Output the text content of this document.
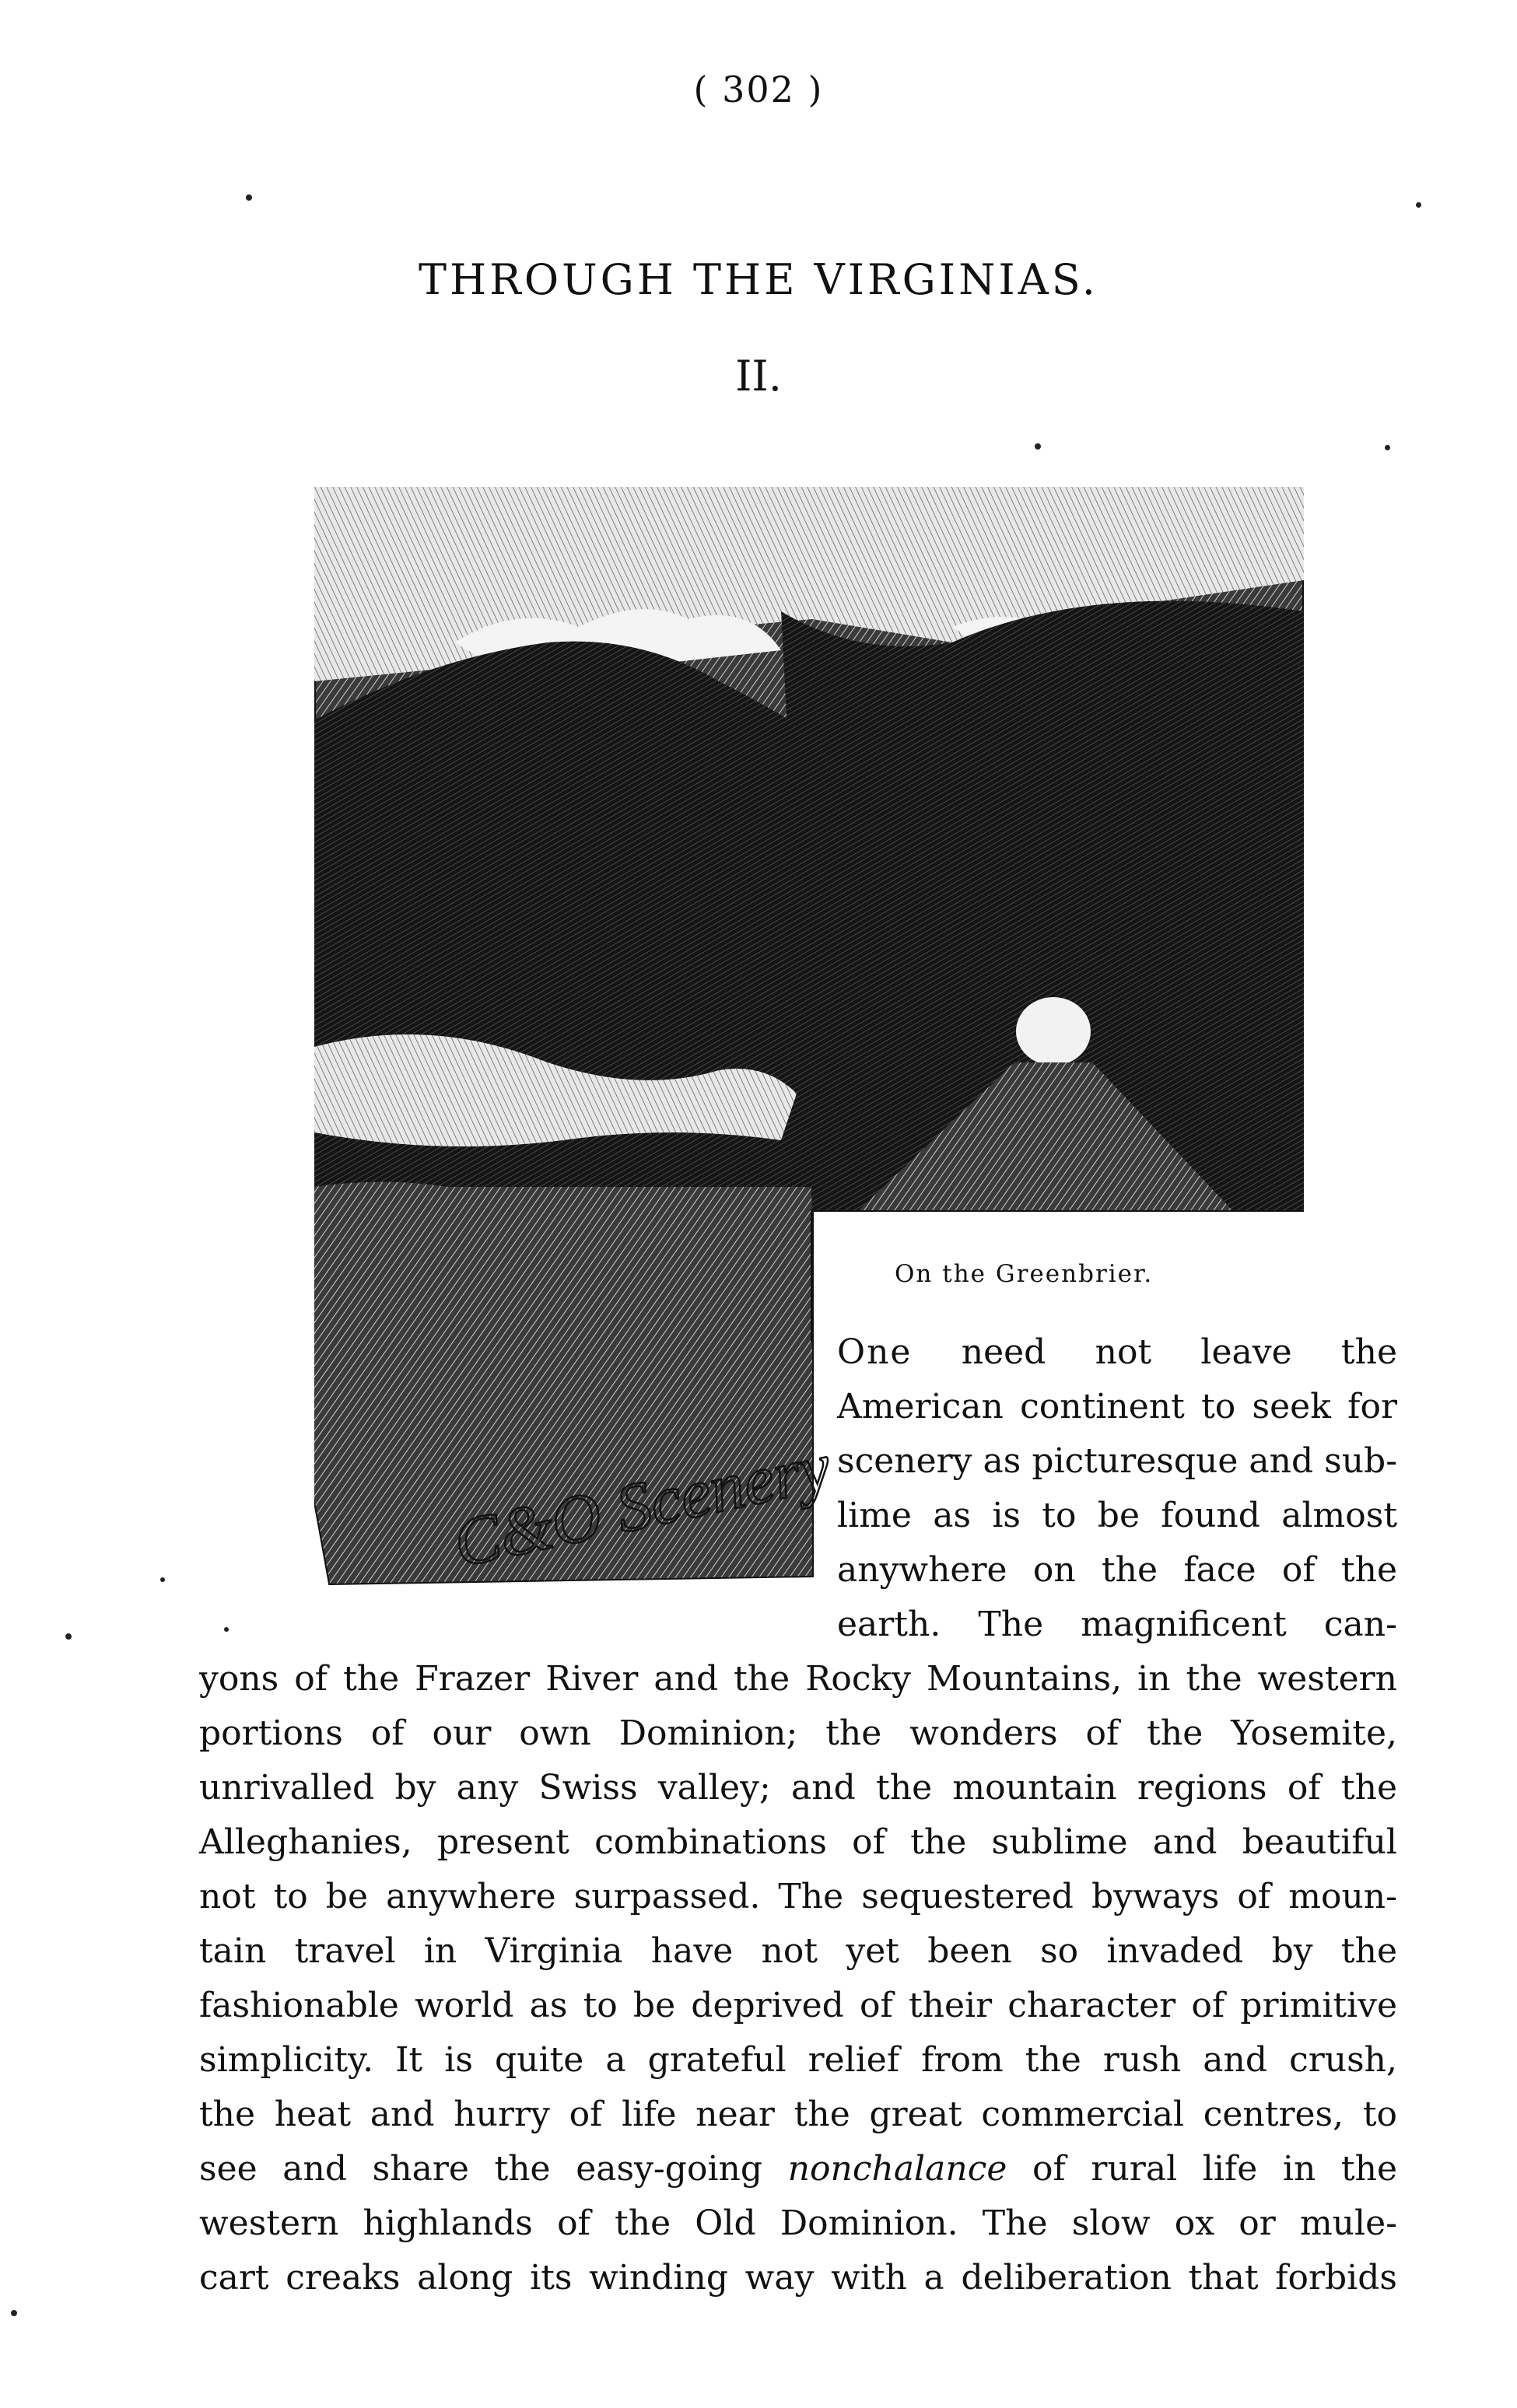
( 302 )
THROUGH THE VIRGINIAS.
II.
C&O Scenery
On the Greenbrier.
One need not leave the
American continent to seek for
scenery as picturesque and sub-
lime as is to be found almost
anywhere on the face of the
earth. The magnificent can-
yons of the Frazer River and the Rocky Mountains, in the western
portions of our own Dominion; the wonders of the Yosemite,
unrivalled by any Swiss valley; and the mountain regions of the
Alleghanies, present combinations of the sublime and beautiful
not to be anywhere surpassed. The sequestered byways of moun-
tain travel in Virginia have not yet been so invaded by the
fashionable world as to be deprived of their character of primitive
simplicity. It is quite a grateful relief from the rush and crush,
the heat and hurry of life near the great commercial centres, to
see and share the easy-going nonchalance of rural life in the
western highlands of the Old Dominion. The slow ox or mule-
cart creaks along its winding way with a deliberation that forbids
